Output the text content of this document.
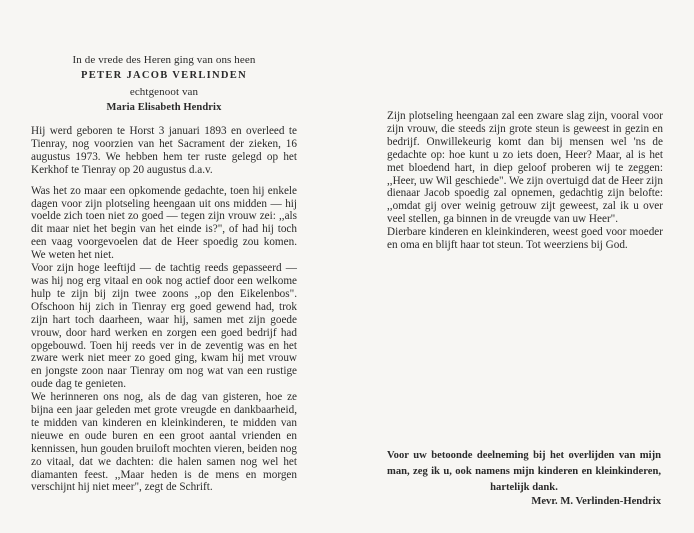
In de vrede des Heren ging van ons heen
PETER JACOB VERLINDEN
echtgenoot van
Maria Elisabeth Hendrix

Hij werd geboren te Horst 3 januari 1893 en overleed te Tienray, nog voorzien van het Sacrament der zieken, 16 augustus 1973. We hebben hem ter ruste gelegd op het Kerkhof te Tienray op 20 augustus d.a.v.

Was het zo maar een opkomende gedachte, toen hij enkele dagen voor zijn plotseling heengaan uit ons midden — hij voelde zich toen niet zo goed — tegen zijn vrouw zei: ,,als dit maar niet het begin van het einde is?", of had hij toch een vaag voorgevoelen dat de Heer spoedig zou komen. We weten het niet.

Voor zijn hoge leeftijd — de tachtig reeds gepasseerd — was hij nog erg vitaal en ook nog actief door een welkome hulp te zijn bij zijn twee zoons ,,op den Eikelenbos". Ofschoon hij zich in Tienray erg goed gewend had, trok zijn hart toch daarheen, waar hij, samen met zijn goede vrouw, door hard werken en zorgen een goed bedrijf had opgebouwd. Toen hij reeds ver in de zeventig was en het zware werk niet meer zo goed ging, kwam hij met vrouw en jongste zoon naar Tienray om nog wat van een rustige oude dag te genieten.

We herinneren ons nog, als de dag van gisteren, hoe ze bijna een jaar geleden met grote vreugde en dankbaarheid, te midden van kinderen en kleinkinderen, te midden van nieuwe en oude buren en een groot aantal vrienden en kennissen, hun gouden bruiloft mochten vieren, beiden nog zo vitaal, dat we dachten: die halen samen nog wel het diamanten feest. ,,Maar heden is de mens en morgen verschijnt hij niet meer", zegt de Schrift.

Zijn plotseling heengaan zal een zware slag zijn, vooral voor zijn vrouw, die steeds zijn grote steun is geweest in gezin en bedrijf. Onwillekeurig komt dan bij mensen wel 'ns de gedachte op: hoe kunt u zo iets doen, Heer? Maar, al is het met bloedend hart, in diep geloof proberen wij te zeggen: ,,Heer, uw Wil geschiede". We zijn overtuigd dat de Heer zijn dienaar Jacob spoedig zal opnemen, gedachtig zijn belofte: ,,omdat gij over weinig getrouw zijt geweest, zal ik u over veel stellen, ga binnen in de vreugde van uw Heer".

Dierbare kinderen en kleinkinderen, weest goed voor moeder en oma en blijft haar tot steun. Tot weerziens bij God.

Voor uw betoonde deelneming bij het overlijden van mijn man, zeg ik u, ook namens mijn kinderen en kleinkinderen, hartelijk dank.

Mevr. M. Verlinden-Hendrix
